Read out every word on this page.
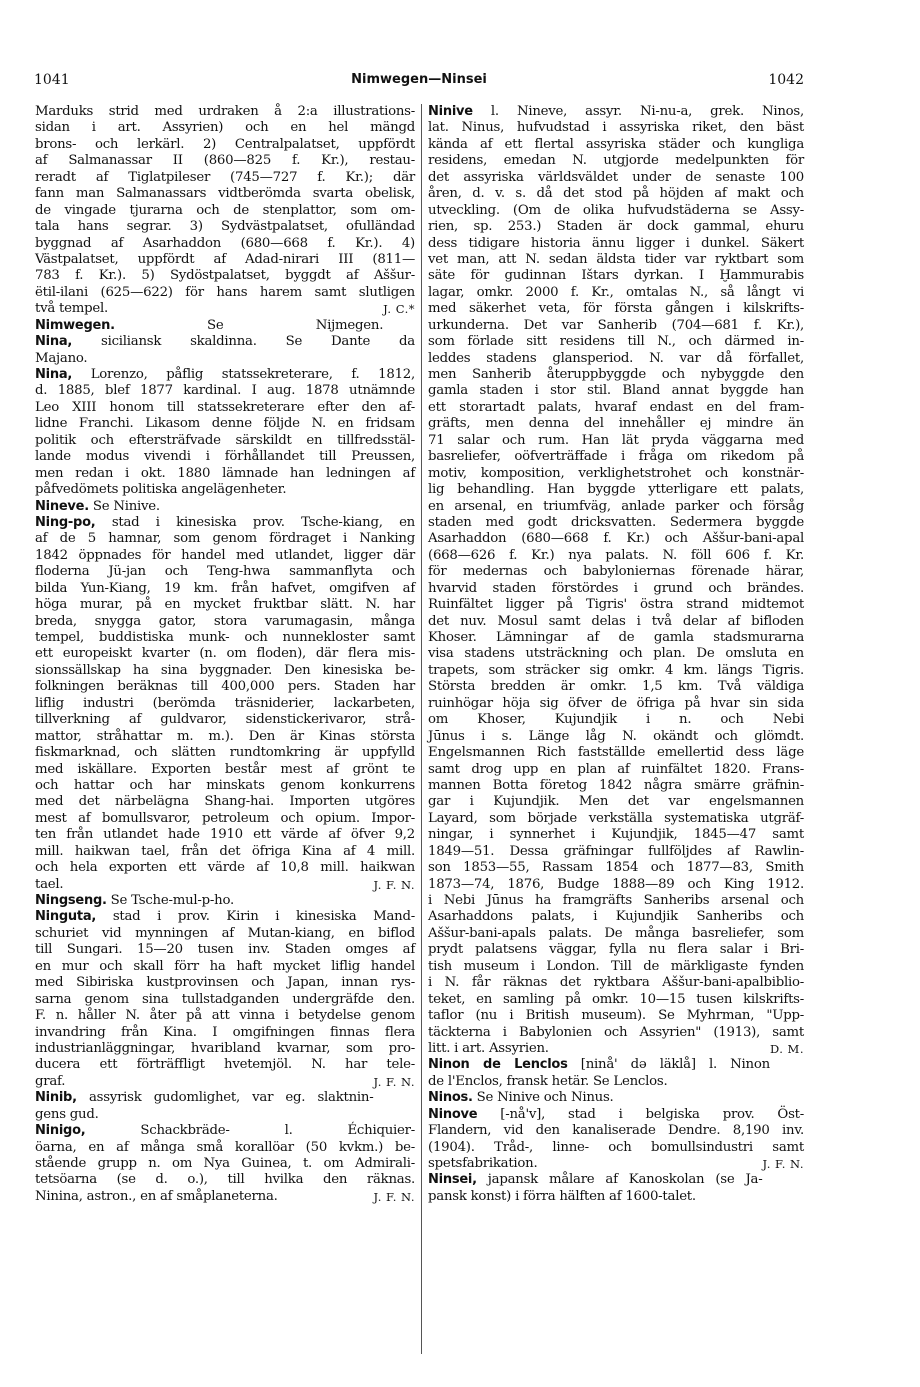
1041	Nimwegen—Ninsei	1042
Marduks strid med urdraken å 2:a illustrations-
sidan i art. Assyrien) och en hel mängd
brons- och lerkärl. 2) Centralpalatset, uppfördt
af Salmanassar II (860—825 f. Kr.), restau-
reradt af Tiglatpileser (745—727 f. Kr.); där
fann man Salmanassars vidtberömda svarta obelisk,
de vingade tjurarna och de stenplattor, som om-
tala hans segrar. 3) Sydvästpalatset, ofulländad
byggnad af Asarhaddon (680—668 f. Kr.). 4)
Västpalatset, uppfördt af Adad-nirari III (811—
783 f. Kr.). 5) Sydöstpalatset, byggdt af Aššur-
ëtil-ilani (625—622) för hans harem samt slutligen
två tempel.	J. C.*
Nimwegen. Se Nijmegen.
Nina, siciliansk skaldinna. Se Dante da
Majano.
Nina, Lorenzo, påflig statssekreterare, f. 1812,
d. 1885, blef 1877 kardinal. I aug. 1878 utnämnde
Leo XIII honom till statssekreterare efter den af-
lidne Franchi. Likasom denne följde N. en fridsam
politik och eftersträfvade särskildt en tillfredsstäl-
lande modus vivendi i förhållandet till Preussen,
men redan i okt. 1880 lämnade han ledningen af
påfvedömets politiska angelägenheter.
Nineve. Se Ninive.
Ning-po, stad i kinesiska prov. Tsche-kiang, en
af de 5 hamnar, som genom fördraget i Nanking
1842 öppnades för handel med utlandet, ligger där
floderna Jü-jan och Teng-hwa sammanflyta och
bilda Yun-Kiang, 19 km. från hafvet, omgifven af
höga murar, på en mycket fruktbar slätt. N. har
breda, snygga gator, stora varumagasin, många
tempel, buddistiska munk- och nunnekloster samt
ett europeiskt kvarter (n. om floden), där flera mis-
sionssällskap ha sina byggnader. Den kinesiska be-
folkningen beräknas till 400,000 pers. Staden har
liflig industri (berömda träsniderier, lackarbeten,
tillverkning af guldvaror, sidenstickerivaror, strå-
mattor, stråhattar m. m.). Den är Kinas största
fiskmarknad, och slätten rundtomkring är uppfylld
med iskällare. Exporten består mest af grönt te
och hattar och har minskats genom konkurrens
med det närbelägna Shang-hai. Importen utgöres
mest af bomullsvaror, petroleum och opium. Impor-
ten från utlandet hade 1910 ett värde af öfver 9,2
mill. haikwan tael, från det öfriga Kina af 4 mill.
och hela exporten ett värde af 10,8 mill. haikwan
tael.	J. F. N.
Ningseng. Se Tsche-mul-p-ho.
Ninguta, stad i prov. Kirin i kinesiska Mand-
schuriet vid mynningen af Mutan-kiang, en biflod
till Sungari. 15—20 tusen inv. Staden omges af
en mur och skall förr ha haft mycket liflig handel
med Sibiriska kustprovinsen och Japan, innan rys-
sarna genom sina tullstadganden undergräfde den.
F. n. håller N. åter på att vinna i betydelse genom
invandring från Kina. I omgifningen finnas flera
industrianläggningar, hvaribland kvarnar, som pro-
ducera ett förträffligt hvetemjöl. N. har tele-
graf.	J. F. N.
Ninib, assyrisk gudomlighet, var eg. slaktnin-
gens gud.
Ninigo, Schackbräde- l. Échiquier-
öarna, en af många små korallöar (50 kvkm.) be-
stående grupp n. om Nya Guinea, t. om Admirali-
tetsöarna (se d. o.), till hvilka den räknas.
Ninina, astron., en af småplaneterna.	J. F. N.
Ninive l. Nineve, assyr. Ni-nu-a, grek. Ninos,
lat. Ninus, hufvudstad i assyriska riket, den bäst
kända af ett flertal assyriska städer och kungliga
residens, emedan N. utgjorde medelpunkten för
det assyriska världsväldet under de senaste 100
åren, d. v. s. då det stod på höjden af makt och
utveckling. (Om de olika hufvudstäderna se Assy-
rien, sp. 253.) Staden är dock gammal, ehuru
dess tidigare historia ännu ligger i dunkel. Säkert
vet man, att N. sedan äldsta tider var ryktbart som
säte för gudinnan Ištars dyrkan. I Ḫammurabis
lagar, omkr. 2000 f. Kr., omtalas N., så långt vi
med säkerhet veta, för första gången i kilskrifts-
urkunderna. Det var Sanherib (704—681 f. Kr.),
som förlade sitt residens till N., och därmed in-
leddes stadens glansperiod. N. var då förfallet,
men Sanherib återuppbyggde och nybyggde den
gamla staden i stor stil. Bland annat byggde han
ett storartadt palats, hvaraf endast en del fram-
gräfts, men denna del innehåller ej mindre än
71 salar och rum. Han lät pryda väggarna med
basreliefer, oöfverträffade i fråga om rikedom på
motiv, komposition, verklighetstrohet och konstnär-
lig behandling. Han byggde ytterligare ett palats,
en arsenal, en triumfväg, anlade parker och försåg
staden med godt dricksvatten. Sedermera byggde
Asarhaddon (680—668 f. Kr.) och Aššur-bani-apal
(668—626 f. Kr.) nya palats. N. föll 606 f. Kr.
för medernas och babyloniernas förenade härar,
hvarvid staden förstördes i grund och brändes.
Ruinfältet ligger på Tigris' östra strand midtemot
det nuv. Mosul samt delas i två delar af bifloden
Khoser. Lämningar af de gamla stadsmurarna
visa stadens utsträckning och plan. De omsluta en
trapets, som sträcker sig omkr. 4 km. längs Tigris.
Största bredden är omkr. 1,5 km. Två väldiga
ruinhögar höja sig öfver de öfriga på hvar sin sida
om Khoser, Kujundjik i n. och Nebi
Jūnus i s. Länge låg N. okändt och glömdt.
Engelsmannen Rich fastställde emellertid dess läge
samt drog upp en plan af ruinfältet 1820. Frans-
mannen Botta företog 1842 några smärre gräfnin-
gar i Kujundjik. Men det var engelsmannen
Layard, som började verkställa systematiska utgräf-
ningar, i synnerhet i Kujundjik, 1845—47 samt
1849—51. Dessa gräfningar fullföljdes af Rawlin-
son 1853—55, Rassam 1854 och 1877—83, Smith
1873—74, 1876, Budge 1888—89 och King 1912.
i Nebi Jūnus ha framgräfts Sanheribs arsenal och
Asarhaddons palats, i Kujundjik Sanheribs och
Aššur-bani-apals palats. De många basreliefer, som
prydt palatsens väggar, fylla nu flera salar i Bri-
tish museum i London. Till de märkligaste fynden
i N. får räknas det ryktbara Aššur-bani-apalbiblio-
teket, en samling på omkr. 10—15 tusen kilskrifts-
taflor (nu i British museum). Se Myhrman, "Upp-
täckterna i Babylonien och Assyrien" (1913), samt
litt. i art. Assyrien.	D. M.
Ninon de Lenclos [ninå' də läklå] l. Ninon
de l'Enclos, fransk hetär. Se Lenclos.
Ninos. Se Ninive och Ninus.
Ninove [-nå'v], stad i belgiska prov. Öst-
Flandern, vid den kanaliserade Dendre. 8,190 inv.
(1904). Tråd-, linne- och bomullsindustri samt
spetsfabrikation.	J. F. N.
Ninsei, japansk målare af Kanoskolan (se Ja-
pansk konst) i förra hälften af 1600-talet.
